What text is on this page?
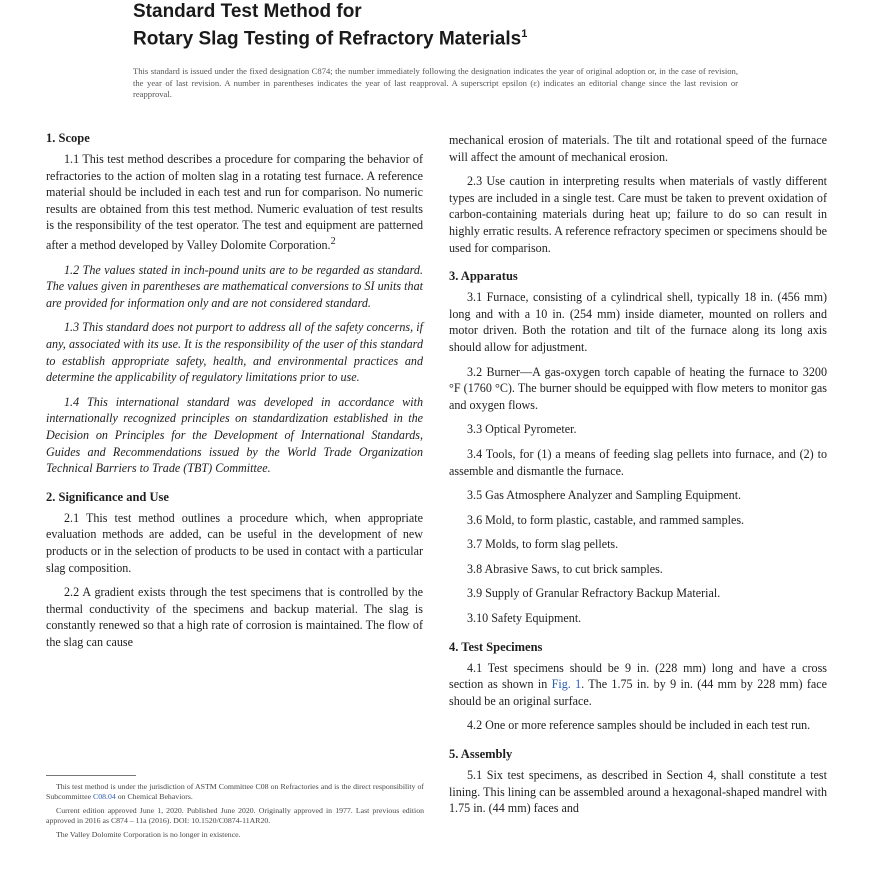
Standard Test Method for
Rotary Slag Testing of Refractory Materials$^1$
This standard is issued under the fixed designation C874; the number immediately following the designation indicates the year of original adoption or, in the case of revision, the year of last revision. A number in parentheses indicates the year of last reapproval. A superscript epsilon (ε) indicates an editorial change since the last revision or reapproval.
1. Scope

1.1 This test method describes a procedure for comparing the behavior of refractories to the action of molten slag in a rotating test furnace. A reference material should be included in each test and run for comparison. No numeric results are obtained from this test method. Numeric evaluation of test results is the responsibility of the test operator. The test and equipment are patterned after a method developed by Valley Dolomite Corporation.$^2$

1.2 The values stated in inch-pound units are to be regarded as standard. The values given in parentheses are mathematical conversions to SI units that are provided for information only and are not considered standard.

1.3 This standard does not purport to address all of the safety concerns, if any, associated with its use. It is the responsibility of the user of this standard to establish appropriate safety, health, and environmental practices and determine the applicability of regulatory limitations prior to use.

1.4 This international standard was developed in accordance with internationally recognized principles on standardization established in the Decision on Principles for the Development of International Standards, Guides and Recommendations issued by the World Trade Organization Technical Barriers to Trade (TBT) Committee.

2. Significance and Use

2.1 This test method outlines a procedure which, when appropriate evaluation methods are added, can be useful in the development of new products or in the selection of products to be used in contact with a particular slag composition.

2.2 A gradient exists through the test specimens that is controlled by the thermal conductivity of the specimens and backup material. The slag is constantly renewed so that a high rate of corrosion is maintained. The flow of the slag can cause

mechanical erosion of materials. The tilt and rotational speed of the furnace will affect the amount of mechanical erosion.

2.3 Use caution in interpreting results when materials of vastly different types are included in a single test. Care must be taken to prevent oxidation of carbon-containing materials during heat up; failure to do so can result in highly erratic results. A reference refractory specimen or specimens should be used for comparison.

3. Apparatus

3.1 Furnace, consisting of a cylindrical shell, typically 18 in. (456 mm) long and with a 10 in. (254 mm) inside diameter, mounted on rollers and motor driven. Both the rotation and tilt of the furnace along its long axis should allow for adjustment.

3.2 Burner—A gas-oxygen torch capable of heating the furnace to 3200 °F (1760 °C). The burner should be equipped with flow meters to monitor gas and oxygen flows.

3.3 Optical Pyrometer.

3.4 Tools, for (1) a means of feeding slag pellets into furnace, and (2) to assemble and dismantle the furnace.

3.5 Gas Atmosphere Analyzer and Sampling Equipment.

3.6 Mold, to form plastic, castable, and rammed samples.

3.7 Molds, to form slag pellets.

3.8 Abrasive Saws, to cut brick samples.

3.9 Supply of Granular Refractory Backup Material.

3.10 Safety Equipment.

4. Test Specimens

4.1 Test specimens should be 9 in. (228 mm) long and have a cross section as shown in Fig. 1. The 1.75 in. by 9 in. (44 mm by 228 mm) face should be an original surface.

4.2 One or more reference samples should be included in each test run.

5. Assembly

5.1 Six test specimens, as described in Section 4, shall constitute a test lining. This lining can be assembled around a hexagonal-shaped mandrel with 1.75 in. (44 mm) faces and

This test method is under the jurisdiction of ASTM Committee C08 on Refractories and is the direct responsibility of Subcommittee C08.04 on Chemical Behaviors.

Current edition approved June 1, 2020. Published June 2020. Originally approved in 1977. Last previous edition approved in 2016 as C874 – 11a (2016). DOI: 10.1520/C0874-11AR20.

The Valley Dolomite Corporation is no longer in existence.
